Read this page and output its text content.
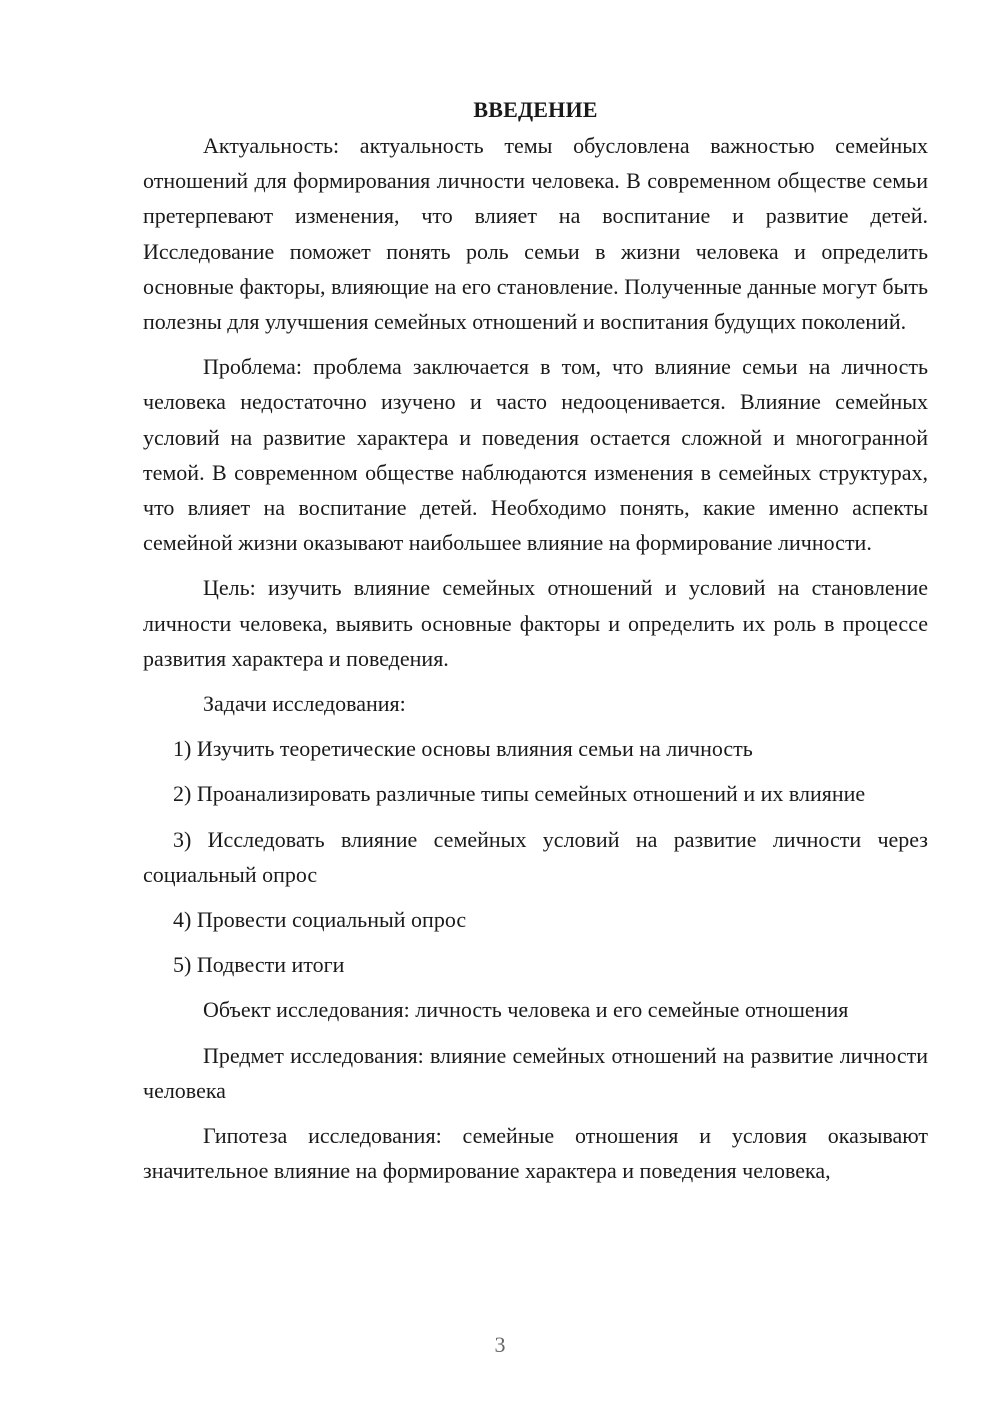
ВВЕДЕНИЕ

Актуальность: актуальность темы обусловлена важностью семейных отношений для формирования личности человека. В современном обществе семьи претерпевают изменения, что влияет на воспитание и развитие детей. Исследование поможет понять роль семьи в жизни человека и определить основные факторы, влияющие на его становление. Полученные данные могут быть полезны для улучшения семейных отношений и воспитания будущих поколений.

Проблема: проблема заключается в том, что влияние семьи на личность человека недостаточно изучено и часто недооценивается. Влияние семейных условий на развитие характера и поведения остается сложной и многогранной темой. В современном обществе наблюдаются изменения в семейных структурах, что влияет на воспитание детей. Необходимо понять, какие именно аспекты семейной жизни оказывают наибольшее влияние на формирование личности.

Цель: изучить влияние семейных отношений и условий на становление личности человека, выявить основные факторы и определить их роль в процессе развития характера и поведения.

Задачи исследования:

1) Изучить теоретические основы влияния семьи на личность

2) Проанализировать различные типы семейных отношений и их влияние

3) Исследовать влияние семейных условий на развитие личности через социальный опрос

4) Провести социальный опрос

5) Подвести итоги

Объект исследования: личность человека и его семейные отношения

Предмет исследования: влияние семейных отношений на развитие личности человека

Гипотеза исследования: семейные отношения и условия оказывают значительное влияние на формирование характера и поведения человека,

3
